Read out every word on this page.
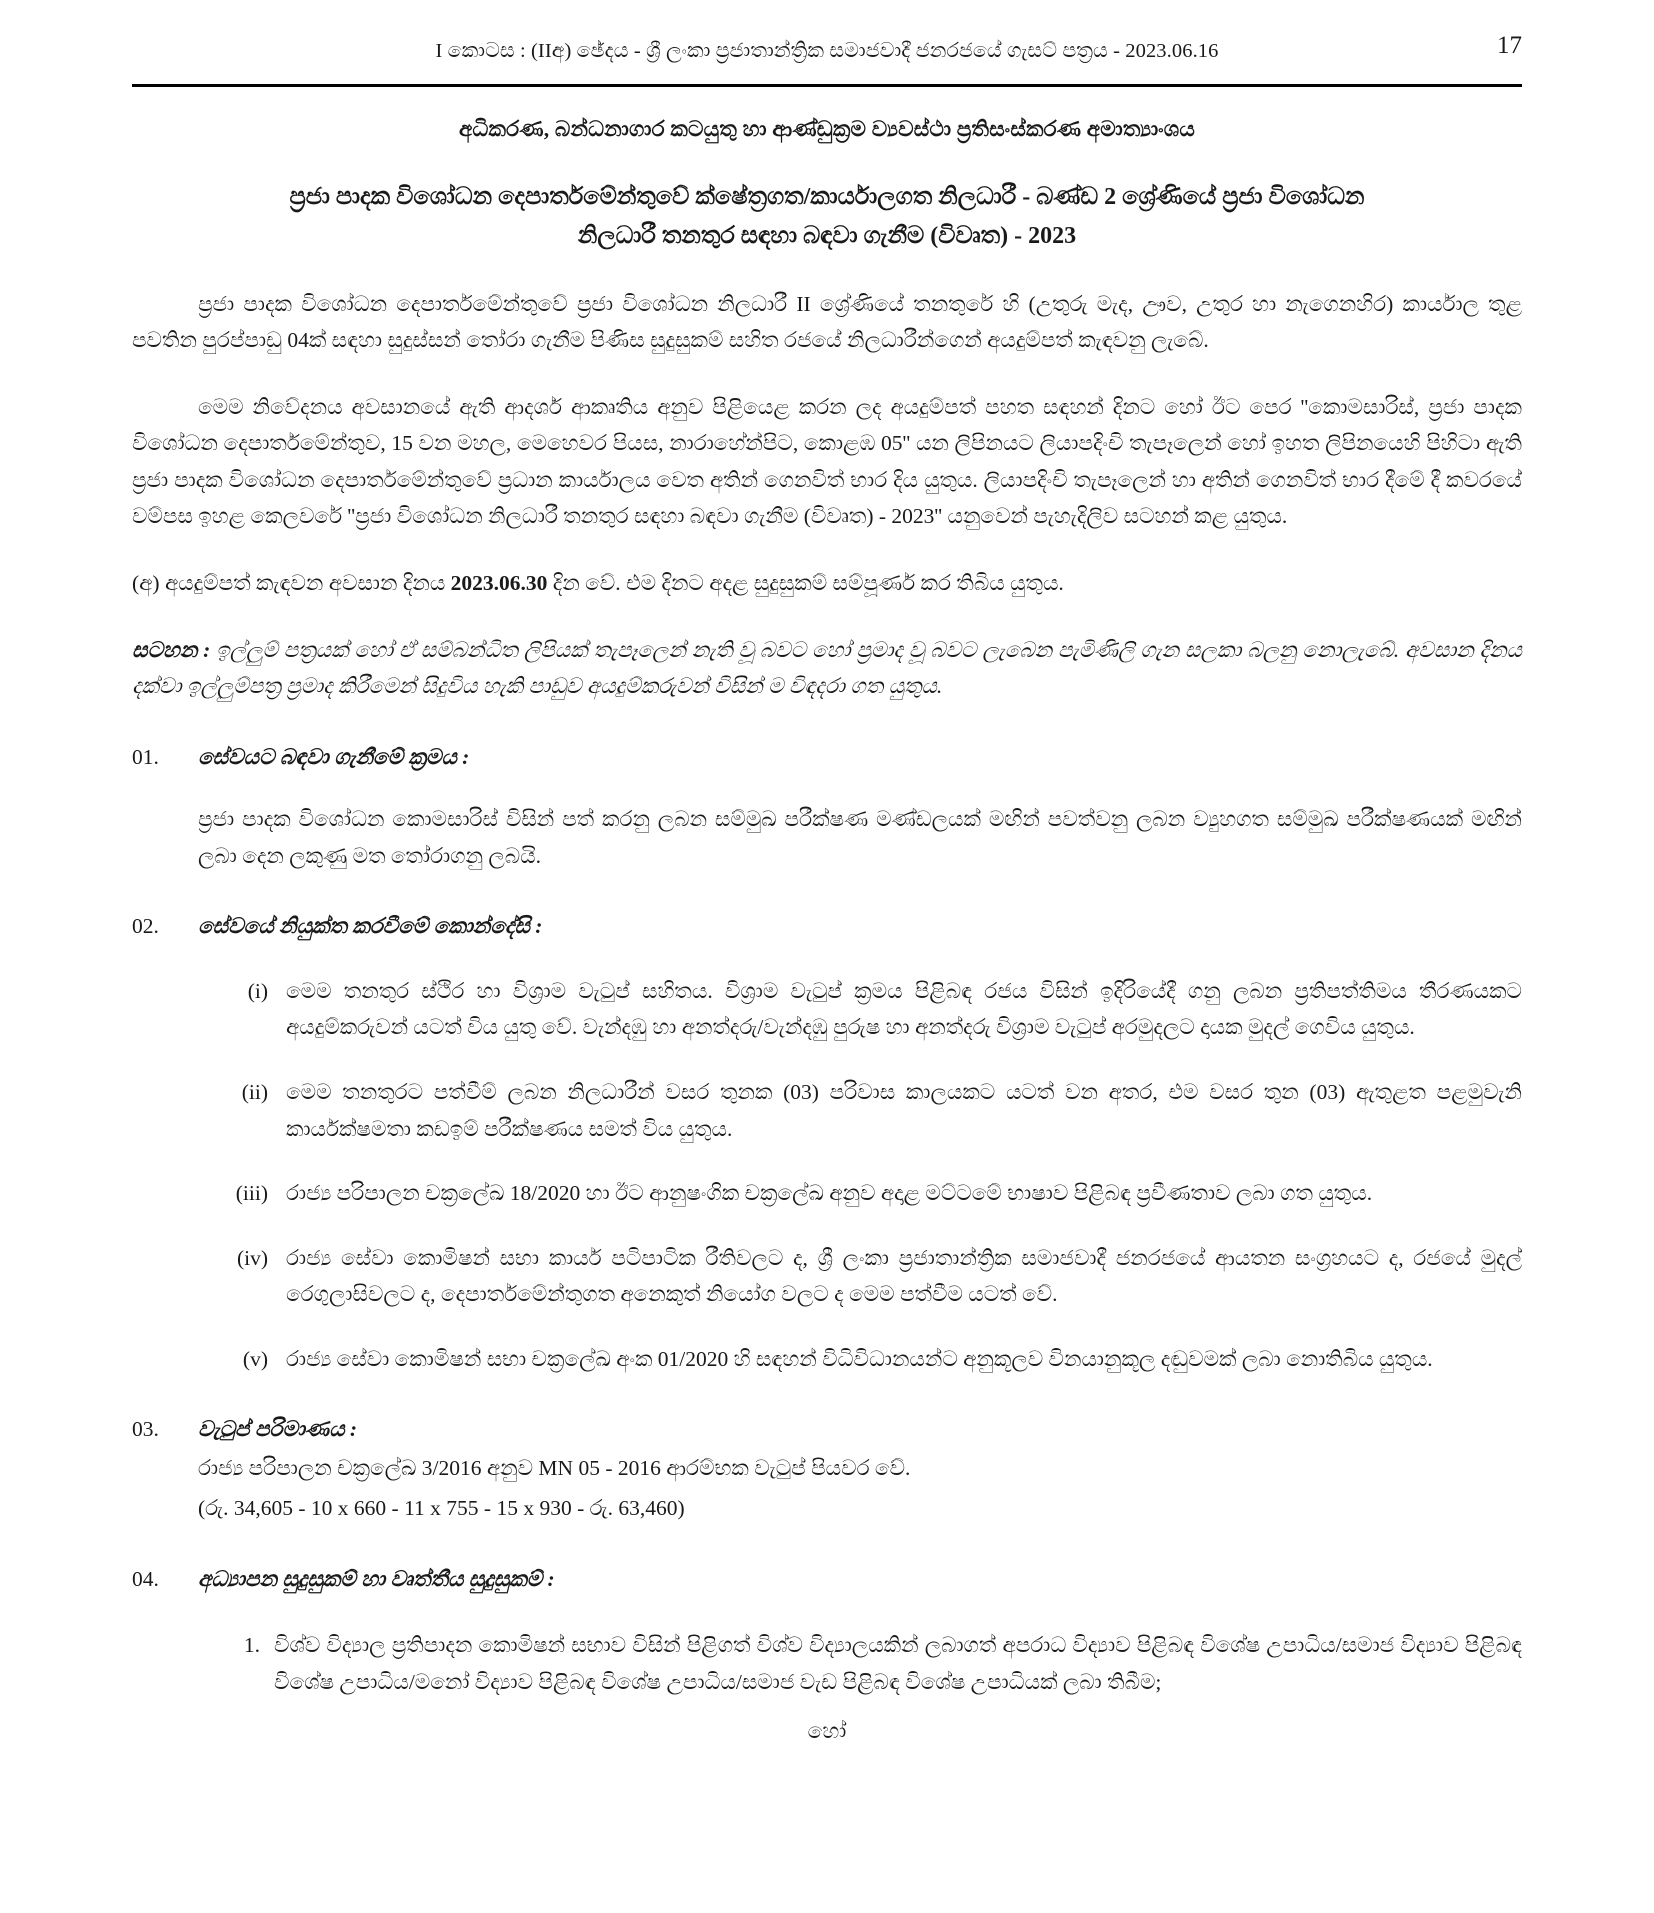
I කොටස : (IIඅ) ඡේදය - ශ්‍රී ලංකා ප්‍රජාතාන්ත්‍රික සමාජවාදී ජනරජයේ ගැසට් පත්‍රය - 2023.06.16	17
අධිකරණ, බන්ධනාගාර කටයුතු හා ආණ්ඩුක්‍රම ව්‍යවස්ථා ප්‍රතිසංස්කරණ අමාත්‍යාංශය
ප්‍රජා පාදක විශෝධන දෙපාර්තමේන්තුවේ ක්ෂේත්‍රගත/කාර්යාලගත නිලධාරී - බණ්ඩ 2 ශ්‍රේණියේ ප්‍රජා විශෝධන
නිලධාරී තනතුර සඳහා බඳවා ගැනීම (විවෘත) - 2023
ප්‍රජා පාදක විශෝධන දෙපාර්තමේන්තුවේ ප්‍රජා විශෝධන නිලධාරී II ශ්‍රේණියේ තනතුරේ හි (උතුරු මැද, ඌව, උතුර හා නැගෙනහිර) කාර්යාල තුළ පවතින පුරප්පාඩු 04ක් සඳහා සුදුස්සන් තෝරා ගැනීම පිණිස සුදුසුකම් සහිත රජයේ නිලධාරීන්ගෙන් අයදුම්පත් කැඳවනු ලැබේ.
මෙම නිවේදනය අවසානයේ ඇති ආදර්ශ ආකෘතිය අනුව පිළියෙළ කරන ලද අයදුම්පත් පහත සඳහන් දිනට හෝ ඊට පෙර ''කොමසාරිස්, ප්‍රජා පාදක විශෝධන දෙපාර්තමේන්තුව, 15 වන මහල, මෙහෙවර පියස, නාරාහේන්පිට, කොළඹ 05'' යන ලිපිනයට ලියාපදිංචි තැපෑලෙන් හෝ ඉහත ලිපිනයෙහි පිහිටා ඇති ප්‍රජා පාදක විශෝධන දෙපාර්තමේන්තුවේ ප්‍රධාන කාර්යාලය වෙත අතින් ගෙනවිත් භාර දිය යුතුය. ලියාපදිංචි තැපෑලෙන් හා අතින් ගෙනවිත් භාර දීමේ දී කවරයේ වම්පස ඉහළ කෙලවරේ ''ප්‍රජා විශෝධන නිලධාරී තනතුර සඳහා බඳවා ගැනීම (විවෘත) - 2023'' යනුවෙන් පැහැදිලිව සටහන් කළ යුතුය.
(අ) අයදුම්පත් කැඳවන අවසාන දිනය 2023.06.30 දින වේ. එම දිනට අදළ සුදුසුකම් සම්පූර්ණ කර තිබිය යුතුය.
සටහන : ඉල්ලුම් පත්‍රයක් හෝ ඒ සම්බන්ධිත ලිපියක් තැපෑලෙන් නැති වූ බවට හෝ ප්‍රමාද වූ බවට ලැබෙන පැමිණිලි ගැන සලකා බලනු නොලැබේ. අවසාන දිනය දක්වා ඉල්ලුම්පත්‍ර ප්‍රමාද කිරීමෙන් සිදුවිය හැකි පාඩුව අයදුම්කරුවන් විසින් ම විඳදරා ගත යුතුය.
01.	සේවයට බඳවා ගැනීමේ ක්‍රමය :
ප්‍රජා පාදක විශෝධන කොමසාරිස් විසින් පත් කරනු ලබන සම්මුඛ පරීක්ෂණ මණ්ඩලයක් මඟින් පවත්වනු ලබන ව්‍යුහගත සම්මුඛ පරීක්ෂණයක් මඟින් ලබා දෙන ලකුණු මත තෝරාගනු ලබයි.
02.	සේවයේ නියුක්ත කරවීමේ කොන්දේසි :
(i) මෙම තනතුර ස්ථිර හා විශ්‍රාම වැටුප් සහිතය. විශ්‍රාම වැටුප් ක්‍රමය පිළිබඳ රජය විසින් ඉදිරියේදී ගනු ලබන ප්‍රතිපත්තිමය තීරණයකට අයදුම්කරුවන් යටත් විය යුතු වේ. වැන්දඹු හා අනත්දරු/වැන්දඹු පුරුෂ හා අනත්දරු විශ්‍රාම වැටුප් අරමුදලට දායක මුදල් ගෙවිය යුතුය.
(ii) මෙම තනතුරට පත්වීම් ලබන නිලධාරීන් වසර තුනක (03) පරිවාස කාලයකට යටත් වන අතර, එම වසර තුන (03) ඇතුළත පළමුවැනි කාර්යක්ෂමතා කඩඉම් පරීක්ෂණය සමත් විය යුතුය.
(iii) රාජ්‍ය පරිපාලන චක්‍රලේඛ 18/2020 හා ඊට ආනුෂංගික චක්‍රලේඛ අනුව අදාළ මට්ටමේ භාෂාව පිළිබඳ ප්‍රවීණතාව ලබා ගත යුතුය.
(iv) රාජ්‍ය සේවා කොමිෂන් සභා කාර්ය පටිපාටික රීතිවලට ද, ශ්‍රී ලංකා ප්‍රජාතාන්ත්‍රික සමාජවාදී ජනරජයේ ආයතන සංග්‍රහයට ද, රජයේ මුදල් රෙගුලාසිවලට ද, දෙපාර්තමේන්තුගත අනෙකුත් නියෝග වලට ද මෙම පත්වීම යටත් වේ.
(v) රාජ්‍ය සේවා කොමිෂන් සභා චක්‍රලේඛ අංක 01/2020 හි සඳහන් විධිවිධානයන්ට අනුකූලව විනයානුකූල දඬුවමක් ලබා නොතිබිය යුතුය.
03.	වැටුප් පරිමාණය :
රාජ්‍ය පරිපාලන චක්‍රලේඛ 3/2016 අනුව MN 05 - 2016 ආරම්භක වැටුප් පියවර වේ.
(රු. 34,605 - 10 x 660 - 11 x 755 - 15 x 930 - රු. 63,460)
04.	අධ්‍යාපන සුදුසුකම් හා වෘත්තීය සුදුසුකම් :
1. විශ්ව විද්‍යාල ප්‍රතිපාදන කොමිෂන් සභාව විසින් පිළිගත් විශ්ව විද්‍යාලයකින් ලබාගත් අපරාධ විද්‍යාව පිළිබඳ විශේෂ උපාධිය/සමාජ විද්‍යාව පිළිබඳ විශේෂ උපාධිය/මනෝ විද්‍යාව පිළිබඳ විශේෂ උපාධිය/සමාජ වැඩ පිළිබඳ විශේෂ උපාධියක් ලබා තිබීම;
හෝ
